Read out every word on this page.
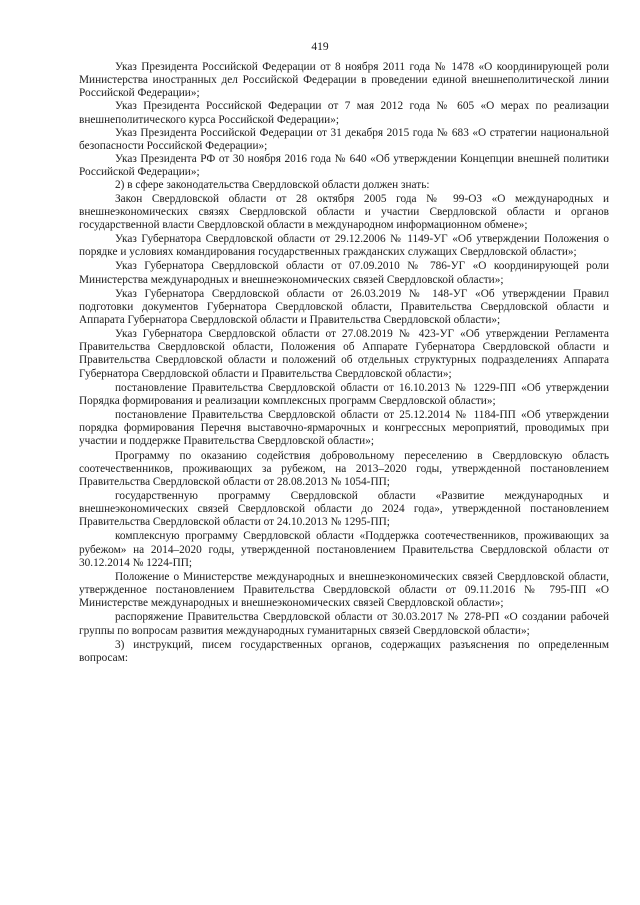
419

Указ Президента Российской Федерации от 8 ноября 2011 года № 1478 «О координирующей роли Министерства иностранных дел Российской Федерации в проведении единой внешнеполитической линии Российской Федерации»;

Указ Президента Российской Федерации от 7 мая 2012 года № 605 «О мерах по реализации внешнеполитического курса Российской Федерации»;

Указ Президента Российской Федерации от 31 декабря 2015 года № 683 «О стратегии национальной безопасности Российской Федерации»;

Указ Президента РФ от 30 ноября 2016 года № 640 «Об утверждении Концепции внешней политики Российской Федерации»;

2) в сфере законодательства Свердловской области должен знать:

Закон Свердловской области от 28 октября 2005 года № 99-ОЗ «О международных и внешнеэкономических связях Свердловской области и участии Свердловской области и органов государственной власти Свердловской области в международном информационном обмене»;

Указ Губернатора Свердловской области от 29.12.2006 № 1149-УГ «Об утверждении Положения о порядке и условиях командирования государственных гражданских служащих Свердловской области»;

Указ Губернатора Свердловской области от 07.09.2010 № 786-УГ «О координирующей роли Министерства международных и внешнеэкономических связей Свердловской области»;

Указ Губернатора Свердловской области от 26.03.2019 № 148-УГ «Об утверждении Правил подготовки документов Губернатора Свердловской области, Правительства Свердловской области и Аппарата Губернатора Свердловской области и Правительства Свердловской области»;

Указ Губернатора Свердловской области от 27.08.2019 № 423-УГ «Об утверждении Регламента Правительства Свердловской области, Положения об Аппарате Губернатора Свердловской области и Правительства Свердловской области и положений об отдельных структурных подразделениях Аппарата Губернатора Свердловской области и Правительства Свердловской области»;

постановление Правительства Свердловской области от 16.10.2013 № 1229-ПП «Об утверждении Порядка формирования и реализации комплексных программ Свердловской области»;

постановление Правительства Свердловской области от 25.12.2014 № 1184-ПП «Об утверждении порядка формирования Перечня выставочно-ярмарочных и конгрессных мероприятий, проводимых при участии и поддержке Правительства Свердловской области»;

Программу по оказанию содействия добровольному переселению в Свердловскую область соотечественников, проживающих за рубежом, на 2013–2020 годы, утвержденной постановлением Правительства Свердловской области от 28.08.2013 № 1054-ПП;

государственную программу Свердловской области «Развитие международных и внешнеэкономических связей Свердловской области до 2024 года», утвержденной постановлением Правительства Свердловской области от 24.10.2013 № 1295-ПП;

комплексную программу Свердловской области «Поддержка соотечественников, проживающих за рубежом» на 2014–2020 годы, утвержденной постановлением Правительства Свердловской области от 30.12.2014 № 1224-ПП;

Положение о Министерстве международных и внешнеэкономических связей Свердловской области, утвержденное постановлением Правительства Свердловской области от 09.11.2016 № 795-ПП «О Министерстве международных и внешнеэкономических связей Свердловской области»;

распоряжение Правительства Свердловской области от 30.03.2017 № 278-РП «О создании рабочей группы по вопросам развития международных гуманитарных связей Свердловской области»;

3) инструкций, писем государственных органов, содержащих разъяснения по определенным вопросам:
